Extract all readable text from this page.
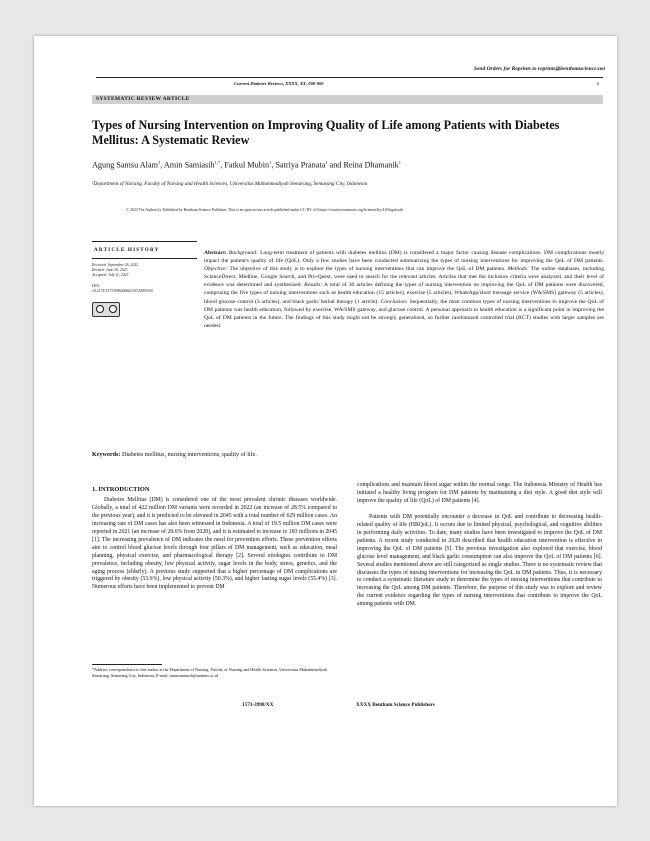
Send Orders for Reprints to reprints@benthamscience.net
Current Diabetes Reviews, XXXX, XX, 000-000	1
SYSTEMATIC REVIEW ARTICLE
Types of Nursing Intervention on Improving Quality of Life among Patients with Diabetes Mellitus: A Systematic Review
Agung Samsu Alam$^1$, Amin Samiasih$^{1,*}$, Fatkul Mubin$^1$, Satriya Pranata$^1$ and Reina Dhamanik$^1$
¹Department of Nursing, Faculty of Nursing and Health Sciences, Universitas Muhammadiyah Semarang, Semarang City, Indonesia
© 2023 The Author(s). Published by Bentham Science Publisher. This is an open access article published under CC BY 4.0 https://creativecommons.org/licenses/by/4.0/legalcode
ARTICLE HISTORY
Received: September 26, 2022
Revised: June 20, 2023
Accepted: July 11, 2023
DOI:
10.2174/1573399820666230720093300
Abstract: Background: Long-term treatment of patients with diabetes mellitus (DM) is considered a major factor causing disease complications. DM complications mostly impact the patient's quality of life (QoL). Only a few studies have been conducted summarizing the types of nursing interventions for improving the QoL of DM patients. Objective: The objective of this study is to explore the types of nursing interventions that can improve the QoL of DM patients. Methods: The online databases, including ScienceDirect, Medline, Google Search, and Pro-Quest, were used to search for the relevant articles. Articles that met the inclusion criteria were analyzed, and their level of evidence was determined and synthesized. Results: A total of 30 articles defining the types of nursing intervention on improving the QoL of DM patients were discovered, comprising the five types of nursing interventions such as health education (15 articles), exercise (5 articles), WhatsApp/short message service (WA/SMS) gateway (5 articles), blood glucose control (3 articles), and black garlic herbal therapy (1 article). Conclusion: Sequentially, the most common types of nursing interventions to improve the QoL of DM patients was health education, followed by exercise, WA/SMS gateway, and glucose control. A personal approach to health education is a significant point in improving the QoL of DM patients in the future. The findings of this study might not be strongly generalized, so further randomized controlled trial (RCT) studies with larger samples are needed.
Keywords: Diabetes mellitus, nursing interventions, quality of life.
1. INTRODUCTION

Diabetes Mellitus (DM) is considered one of the most prevalent chronic diseases worldwide. Globally, a total of 422 million DM variants were recorded in 2022 (an increase of 28.5% compared to the previous year), and it is predicted to be elevated in 2045 with a total number of 629 million cases. An increasing rate of DM cases has also been witnessed in Indonesia. A total of 19.5 million DM cases were reported in 2021 (an increase of 28.6% from 2020), and it is estimated to increase to 183 millions in 2045 [1]. The increasing prevalence of DM indicates the need for prevention efforts. These prevention efforts aim to control blood glucose levels through four pillars of DM management, such as education, meal planning, physical exercise, and pharmacological therapy [2]. Several etiologies contribute to DM prevalence, including obesity, low physical activity, sugar levels in the body, stress, genetics, and the aging process (elderly). A previous study supported that a higher percentage of DM complications are triggered by obesity (53.6%), low physical activity (50.3%), and higher fasting sugar levels (55.4%) [3]. Numerous efforts have been implemented to prevent DM

complications and maintain blood sugar within the normal range. The Indonesia Ministry of Health has initiated a healthy living program for DM patients by maintaining a diet style. A good diet style will improve the quality of life (QoL) of DM patients [4].

Patients with DM potentially encounter a decrease in QoL and contribute to decreasing health-related quality of life (HRQoL). It occurs due to limited physical, psychological, and cognitive abilities in performing daily activities. To date, many studies have been investigated to improve the QoL of DM patients. A recent study conducted in 2020 described that health education intervention is effective in improving the QoL of DM patients [5]. The previous investigation also explored that exercise, blood glucose level management, and black garlic consumption can also improve the QoL of DM patients [6]. Several studies mentioned above are still categorized as single studies. There is no systematic review that discusses the types of nursing interventions for increasing the QoL in DM patients. Thus, it is necessary to conduct a systematic literature study to determine the types of nursing interventions that contribute to increasing the QoL among DM patients. Therefore, the purpose of this study was to explore and review the current evidence regarding the types of nursing interventions that contribute to improve the QoL among patients with DM.

*Address correspondence to this author at the Department of Nursing, Faculty of Nursing and Health Sciences, Universitas Muhammadiyah Semarang, Semarang City, Indonesia; E-mail: aminsamiasih@unimus.ac.id
1573-3998/XX	XXXX Bentham Science Publishers
